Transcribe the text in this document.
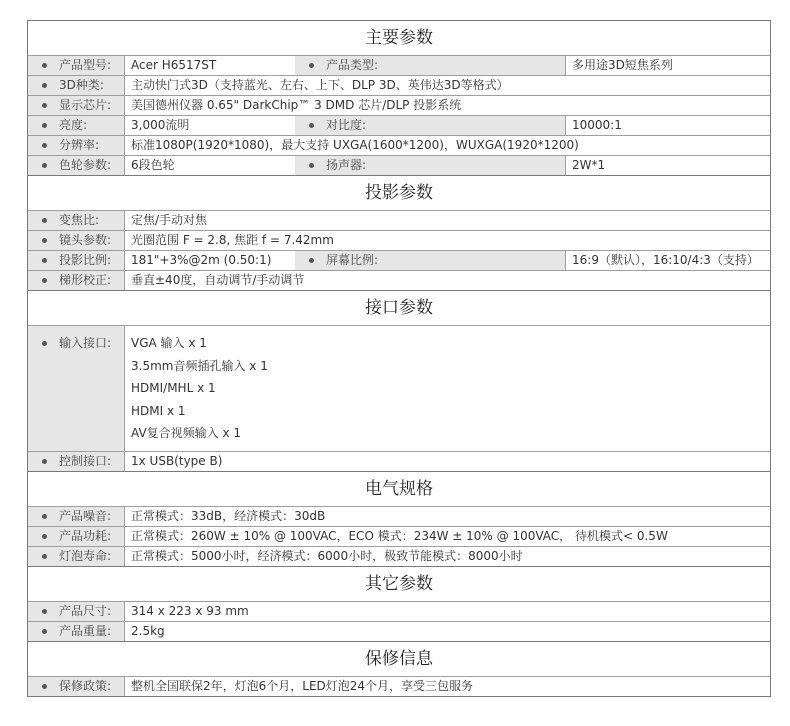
主要参数
产品型号:	Acer H6517ST	产品类型:	多用途3D短焦系列
3D种类:	主动快门式3D（支持蓝光、左右、上下、DLP 3D、英伟达3D等格式）
显示芯片:	美国德州仪器 0.65" DarkChip™ 3 DMD 芯片/DLP 投影系统
亮度:	3,000流明	对比度:	10000:1
分辨率:	标准1080P(1920*1080)，最大支持 UXGA(1600*1200)，WUXGA(1920*1200)
色轮参数:	6段色轮	扬声器:	2W*1
投影参数
变焦比:	定焦/手动对焦
镜头参数:	光圈范围 F = 2.8, 焦距 f = 7.42mm
投影比例:	181"+3%@2m (0.50:1)	屏幕比例:	16:9（默认），16:10/4:3（支持）
梯形校正:	垂直±40度，自动调节/手动调节
接口参数
输入接口: VGA 输入 x 1
3.5mm音频插孔输入 x 1
HDMI/MHL x 1
HDMI x 1
AV复合视频输入 x 1
控制接口:	1x USB(type B)
电气规格
产品噪音:	正常模式：33dB，经济模式：30dB
产品功耗:	正常模式：260W ± 10% @ 100VAC，ECO 模式：234W ± 10% @ 100VAC， 待机模式< 0.5W
灯泡寿命:	正常模式：5000小时，经济模式：6000小时，极致节能模式：8000小时
其它参数
产品尺寸:	314 x 223 x 93 mm
产品重量:	2.5kg
保修信息
保修政策:	整机全国联保2年，灯泡6个月，LED灯泡24个月，享受三包服务
